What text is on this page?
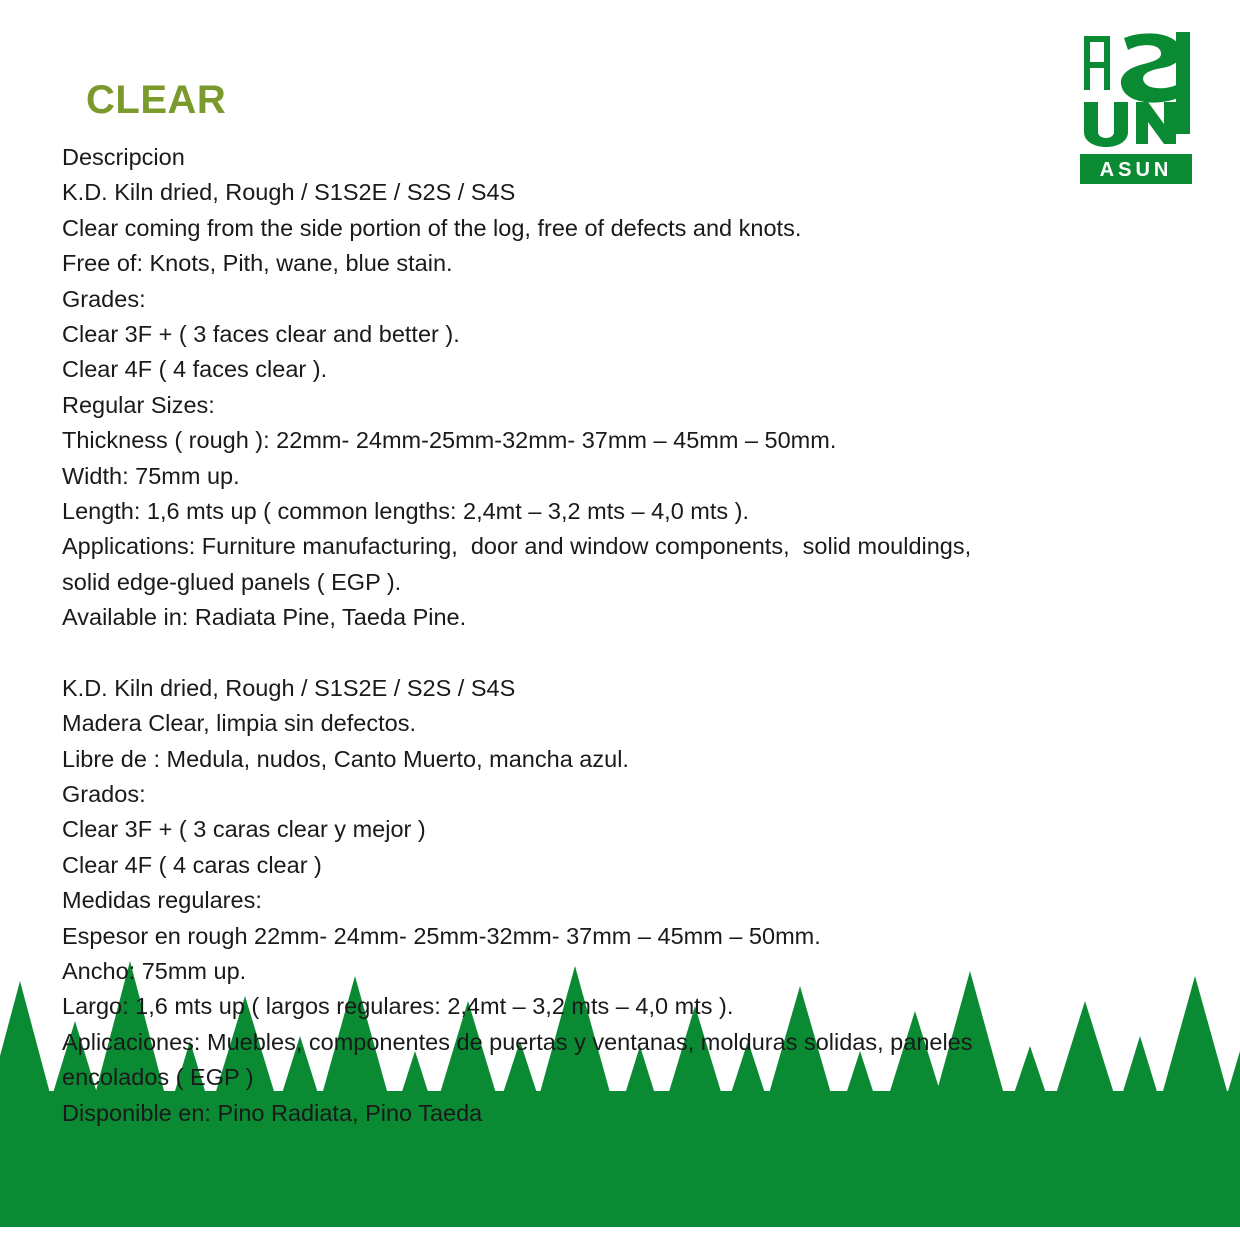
ASUN
CLEAR

Descripcion

K.D. Kiln dried, Rough / S1S2E / S2S / S4S

Clear coming from the side portion of the log, free of defects and knots.

Free of: Knots, Pith, wane, blue stain.

Grades:

Clear 3F + ( 3 faces clear and better ).

Clear 4F ( 4 faces clear ).

Regular Sizes:

Thickness ( rough ): 22mm- 24mm-25mm-32mm- 37mm – 45mm – 50mm.

Width: 75mm up.

Length: 1,6 mts up ( common lengths: 2,4mt – 3,2 mts – 4,0 mts ).

Applications: Furniture manufacturing,  door and window components,  solid mouldings,

solid edge-glued panels ( EGP ).

Available in: Radiata Pine, Taeda Pine.

K.D. Kiln dried, Rough / S1S2E / S2S / S4S

Madera Clear, limpia sin defectos.

Libre de : Medula, nudos, Canto Muerto, mancha azul.

Grados:

Clear 3F + ( 3 caras clear y mejor )

Clear 4F ( 4 caras clear )

Medidas regulares:

Espesor en rough 22mm- 24mm- 25mm-32mm- 37mm – 45mm – 50mm.

Ancho: 75mm up.

Largo: 1,6 mts up ( largos regulares: 2,4mt – 3,2 mts – 4,0 mts ).

Aplicaciones: Muebles, componentes de puertas y ventanas, molduras solidas, paneles

encolados ( EGP )

Disponible en: Pino Radiata, Pino Taeda
